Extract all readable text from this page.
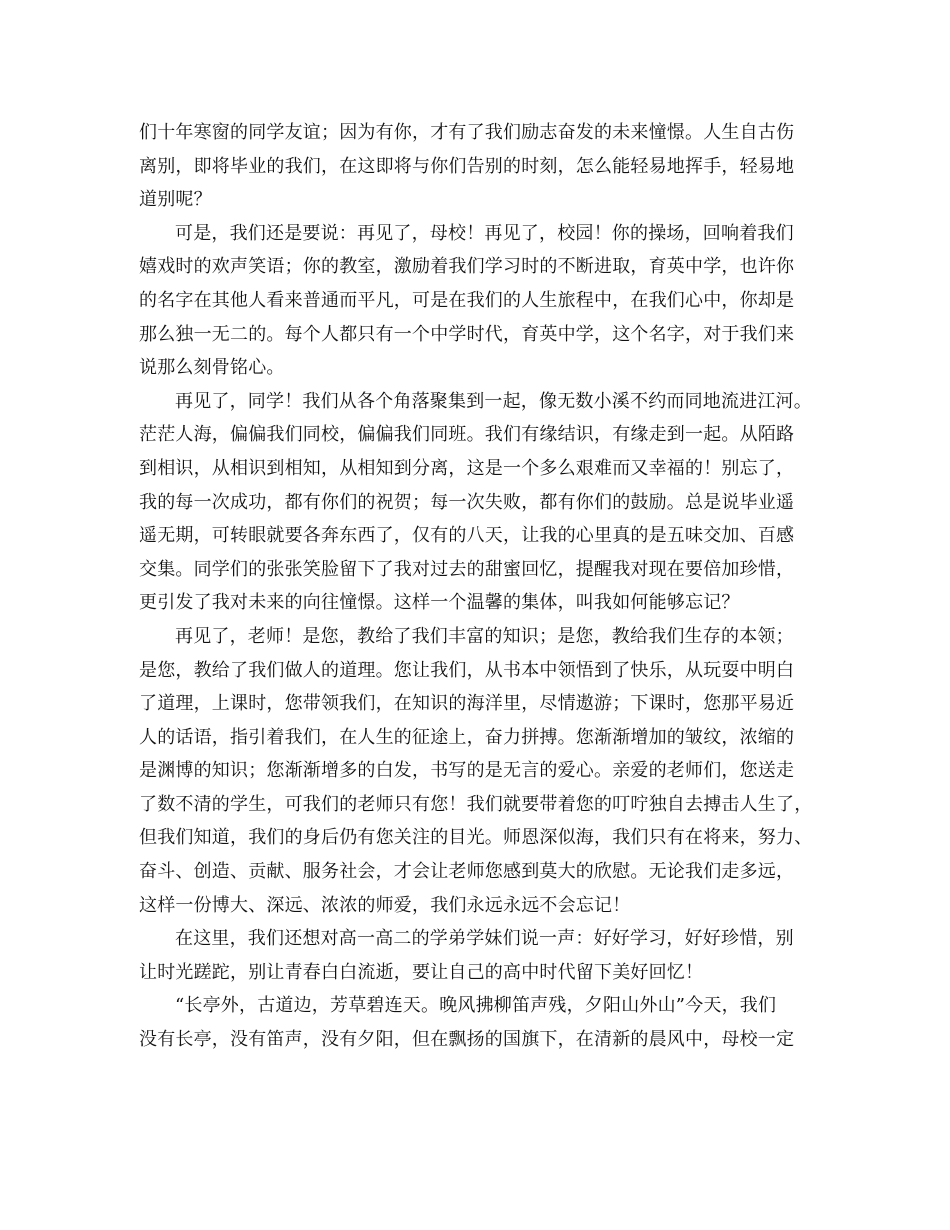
们十年寒窗的同学友谊；因为有你，才有了我们励志奋发的未来憧憬。人生自古伤
离别，即将毕业的我们，在这即将与你们告别的时刻，怎么能轻易地挥手，轻易地
道别呢？
可是，我们还是要说：再见了，母校！再见了，校园！你的操场，回响着我们
嬉戏时的欢声笑语；你的教室，激励着我们学习时的不断进取，育英中学，也许你
的名字在其他人看来普通而平凡，可是在我们的人生旅程中，在我们心中，你却是
那么独一无二的。每个人都只有一个中学时代，育英中学，这个名字，对于我们来
说那么刻骨铭心。
再见了，同学！我们从各个角落聚集到一起，像无数小溪不约而同地流进江河。
茫茫人海，偏偏我们同校，偏偏我们同班。我们有缘结识，有缘走到一起。从陌路
到相识，从相识到相知，从相知到分离，这是一个多么艰难而又幸福的！别忘了，
我的每一次成功，都有你们的祝贺；每一次失败，都有你们的鼓励。总是说毕业遥
遥无期，可转眼就要各奔东西了，仅有的八天，让我的心里真的是五味交加、百感
交集。同学们的张张笑脸留下了我对过去的甜蜜回忆，提醒我对现在要倍加珍惜，
更引发了我对未来的向往憧憬。这样一个温馨的集体，叫我如何能够忘记？
再见了，老师！是您，教给了我们丰富的知识；是您，教给我们生存的本领；
是您，教给了我们做人的道理。您让我们，从书本中领悟到了快乐，从玩耍中明白
了道理，上课时，您带领我们，在知识的海洋里，尽情遨游；下课时，您那平易近
人的话语，指引着我们，在人生的征途上，奋力拼搏。您渐渐增加的皱纹，浓缩的
是渊博的知识；您渐渐增多的白发，书写的是无言的爱心。亲爱的老师们，您送走
了数不清的学生，可我们的老师只有您！我们就要带着您的叮咛独自去搏击人生了，
但我们知道，我们的身后仍有您关注的目光。师恩深似海，我们只有在将来，努力、
奋斗、创造、贡献、服务社会，才会让老师您感到莫大的欣慰。无论我们走多远，
这样一份博大、深远、浓浓的师爱，我们永远永远不会忘记！
在这里，我们还想对高一高二的学弟学妹们说一声：好好学习，好好珍惜，别
让时光蹉跎，别让青春白白流逝，要让自己的高中时代留下美好回忆！
“长亭外，古道边，芳草碧连天。晚风拂柳笛声残，夕阳山外山”今天，我们
没有长亭，没有笛声，没有夕阳，但在飘扬的国旗下，在清新的晨风中，母校一定
